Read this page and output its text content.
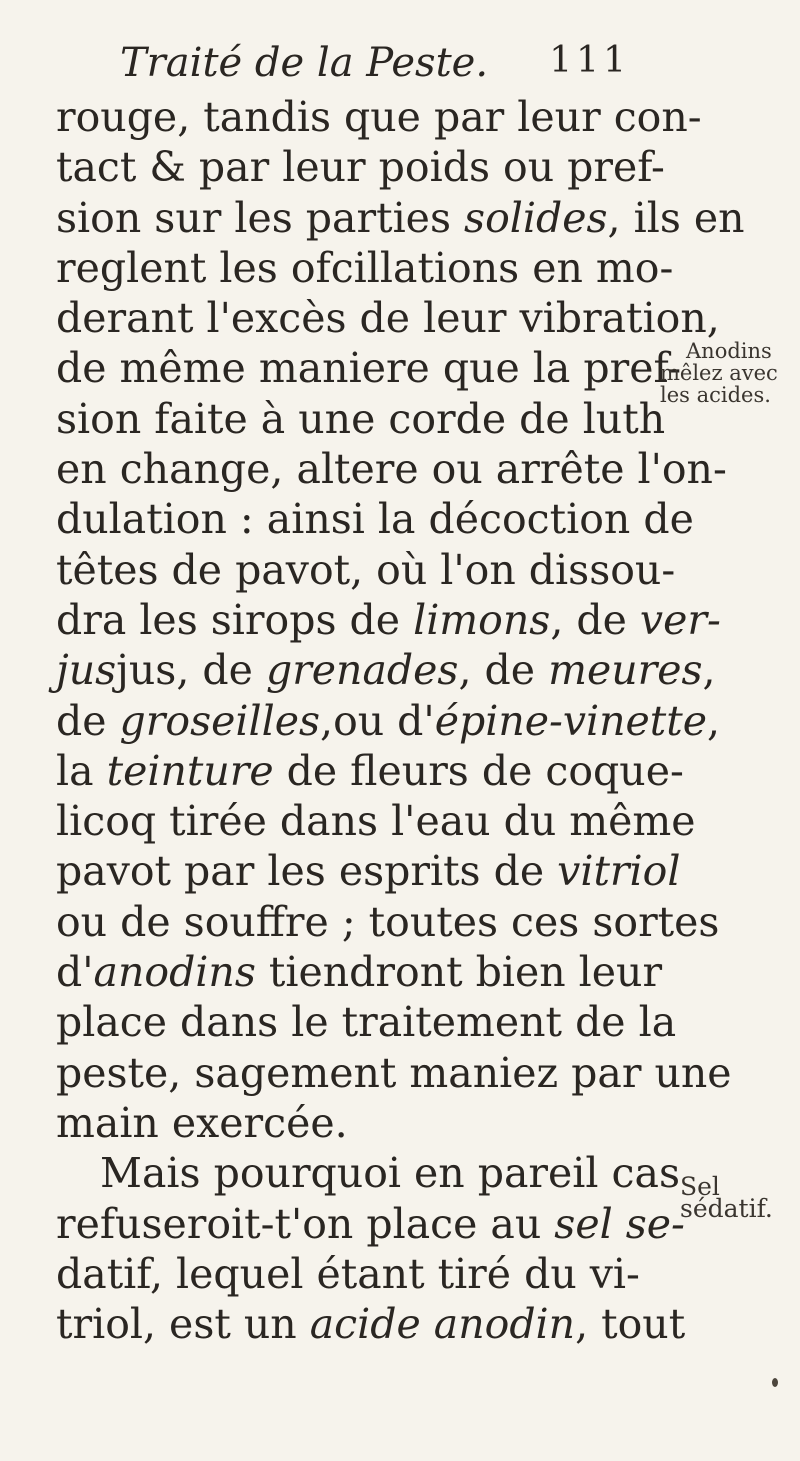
Traité de la Peste. 111
rouge, tandis que par leur con-
tact & par leur poids ou pref-
sion sur les parties solides, ils en
reglent les ofcillations en mo-
derant l'excès de leur vibration,
de même maniere que la pref-
sion faite à une corde de luth
en change, altere ou arrête l'on-
dulation : ainsi la décoction de
têtes de pavot, où l'on dissou-
dra les sirops de limons, de ver-
jusjus, de grenades, de meures,
de groseilles,ou d'épine-vinette,
la teinture de fleurs de coque-
licoq tirée dans l'eau du même
pavot par les esprits de vitriol
ou de souffre ; toutes ces sortes
d'anodins tiendront bien leur
place dans le traitement de la
peste, sagement maniez par une
main exercée.
Mais pourquoi en pareil cas
refuseroit-t'on place au sel se-
datif, lequel étant tiré du vi-
triol, est un acide anodin, tout
Anodins
mêlez avec
les acides.
Sel sédatif.
